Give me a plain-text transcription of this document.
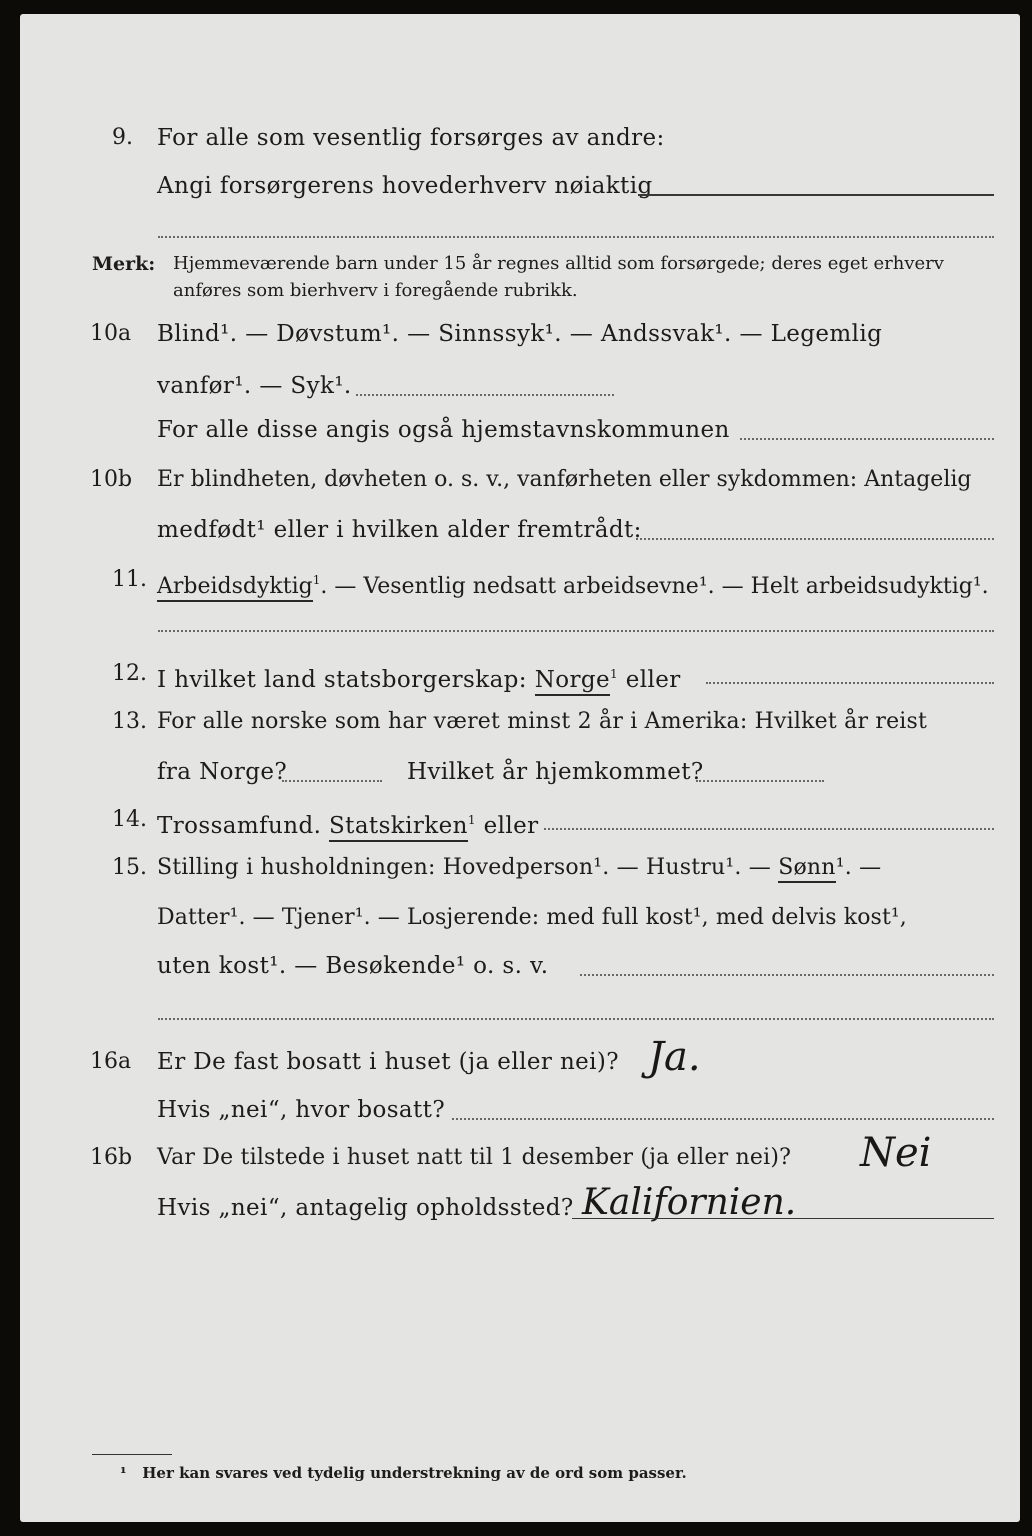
9. For alle som vesentlig forsørges av andre:
Angi forsørgerens hovederhverv nøiaktig
Merk: Hjemmeværende barn under 15 år regnes alltid som forsørgede; deres eget erhverv
anføres som bierhverv i foregående rubrikk.
10a Blind¹. — Døvstum¹. — Sinnssyk¹. — Andssvak¹. — Legemlig
vanfør¹. — Syk¹.
For alle disse angis også hjemstavnskommunen
10b Er blindheten, døvheten o. s. v., vanførheten eller sykdommen: Antagelig
medfødt¹ eller i hvilken alder fremtrådt:
11. Arbeidsdyktig$^1$. — Vesentlig nedsatt arbeidsevne¹. — Helt arbeidsudyktig¹.
12. I hvilket land statsborgerskap: Norge$^1$ eller
13. For alle norske som har været minst 2 år i Amerika: Hvilket år reist
fra Norge?	Hvilket år hjemkommet?
14. Trossamfund. Statskirken$^1$ eller
15. Stilling i husholdningen: Hovedperson¹. — Hustru¹. — Sønn¹. —
Datter¹. — Tjener¹. — Losjerende: med full kost¹, med delvis kost¹,
uten kost¹. — Besøkende¹ o. s. v.
16a Er De fast bosatt i huset (ja eller nei)? Ja.
Hvis „nei“, hvor bosatt?
16b Var De tilstede i huset natt til 1 desember (ja eller nei)? Nei
Hvis „nei“, antagelig opholdssted? Kalifornien.
¹ Her kan svares ved tydelig understrekning av de ord som passer.
